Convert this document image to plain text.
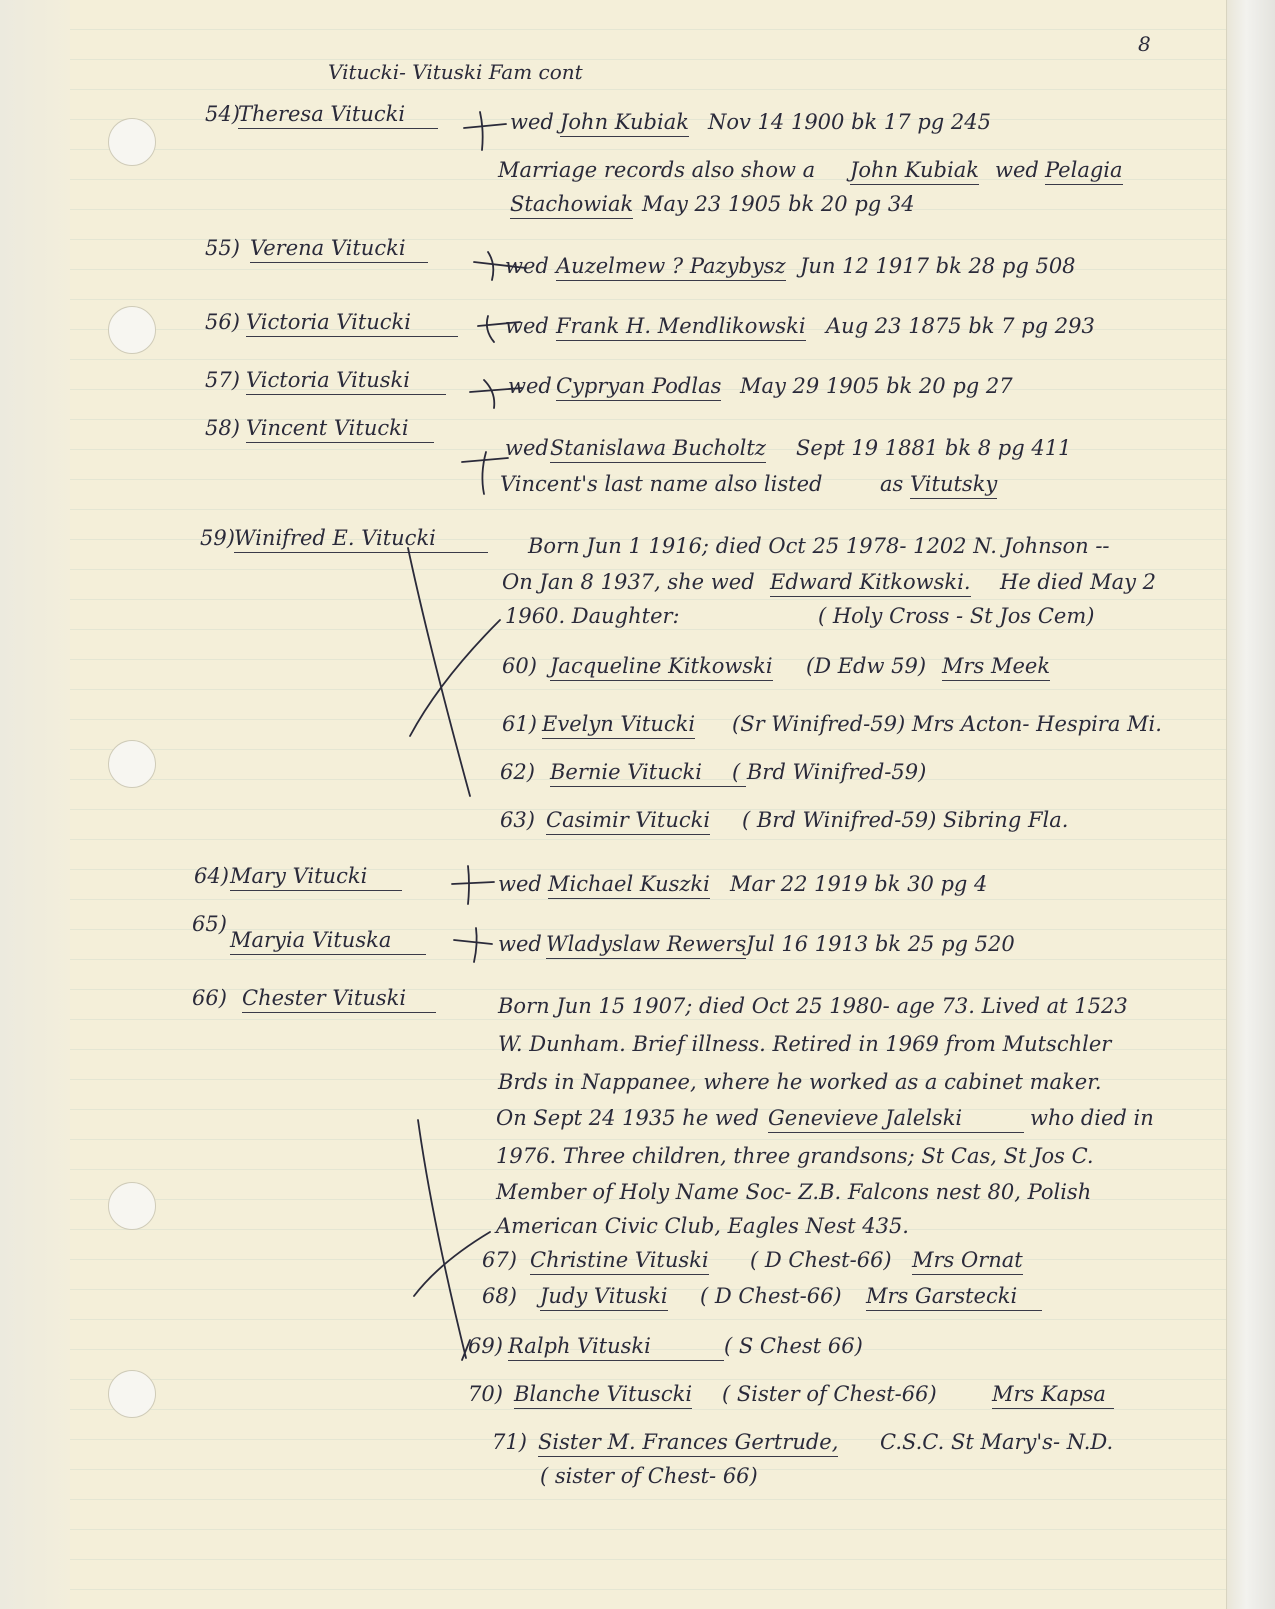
8
Vitucki- Vituski Fam cont
54)
Theresa Vitucki	wed John Kubiak Nov 14 1900 bk 17 pg 245
Marriage records also show a John Kubiak wed Pelagia
Stachowiak May 23 1905 bk 20 pg 34
55) Verena Vitucki
wed Auzelmew ? Pazybysz Jun 12 1917 bk 28 pg 508
56) Victoria Vitucki	wed Frank H. Mendlikowski Aug 23 1875 bk 7 pg 293
57) Victoria Vituski	wed Cypryan Podlas May 29 1905 bk 20 pg 27
58) Vincent Vitucki
wed Stanislawa Bucholtz Sept 19 1881 bk 8 pg 411
Vincent's last name also listed	as Vitutsky
59) Winifred E. Vitucki	Born Jun 1 1916; died Oct 25 1978- 1202 N. Johnson --
On Jan 8 1937, she wed Edward Kitkowski. He died May 2
1960. Daughter:	( Holy Cross - St Jos Cem)
60) Jacqueline Kitkowski (D Edw 59) Mrs Meek
61) Evelyn Vitucki (Sr Winifred-59) Mrs Acton- Hespira Mi.
62) Bernie Vitucki	( Brd Winifred-59)
63) Casimir Vitucki ( Brd Winifred-59) Sibring Fla.
64) Mary Vitucki	wed Michael Kuszki Mar 22 1919 bk 30 pg 4
65)
Maryia Vituska	wed Wladyslaw Rewers Jul 16 1913 bk 25 pg 520
66) Chester Vituski	Born Jun 15 1907; died Oct 25 1980- age 73. Lived at 1523
W. Dunham. Brief illness. Retired in 1969 from Mutschler
Brds in Nappanee, where he worked as a cabinet maker.
On Sept 24 1935 he wed Genevieve Jalelski	who died in
1976. Three children, three grandsons; St Cas, St Jos C.
Member of Holy Name Soc- Z.B. Falcons nest 80, Polish
American Civic Club, Eagles Nest 435.
67) Christine Vituski ( D Chest-66) Mrs Ornat
68) Judy Vituski ( D Chest-66) Mrs Garstecki
69) Ralph Vituski	( S Chest 66)
70) Blanche Vituscki ( Sister of Chest-66)	Mrs Kapsa
71) Sister M. Frances Gertrude, C.S.C. St Mary's- N.D.
( sister of Chest- 66)
